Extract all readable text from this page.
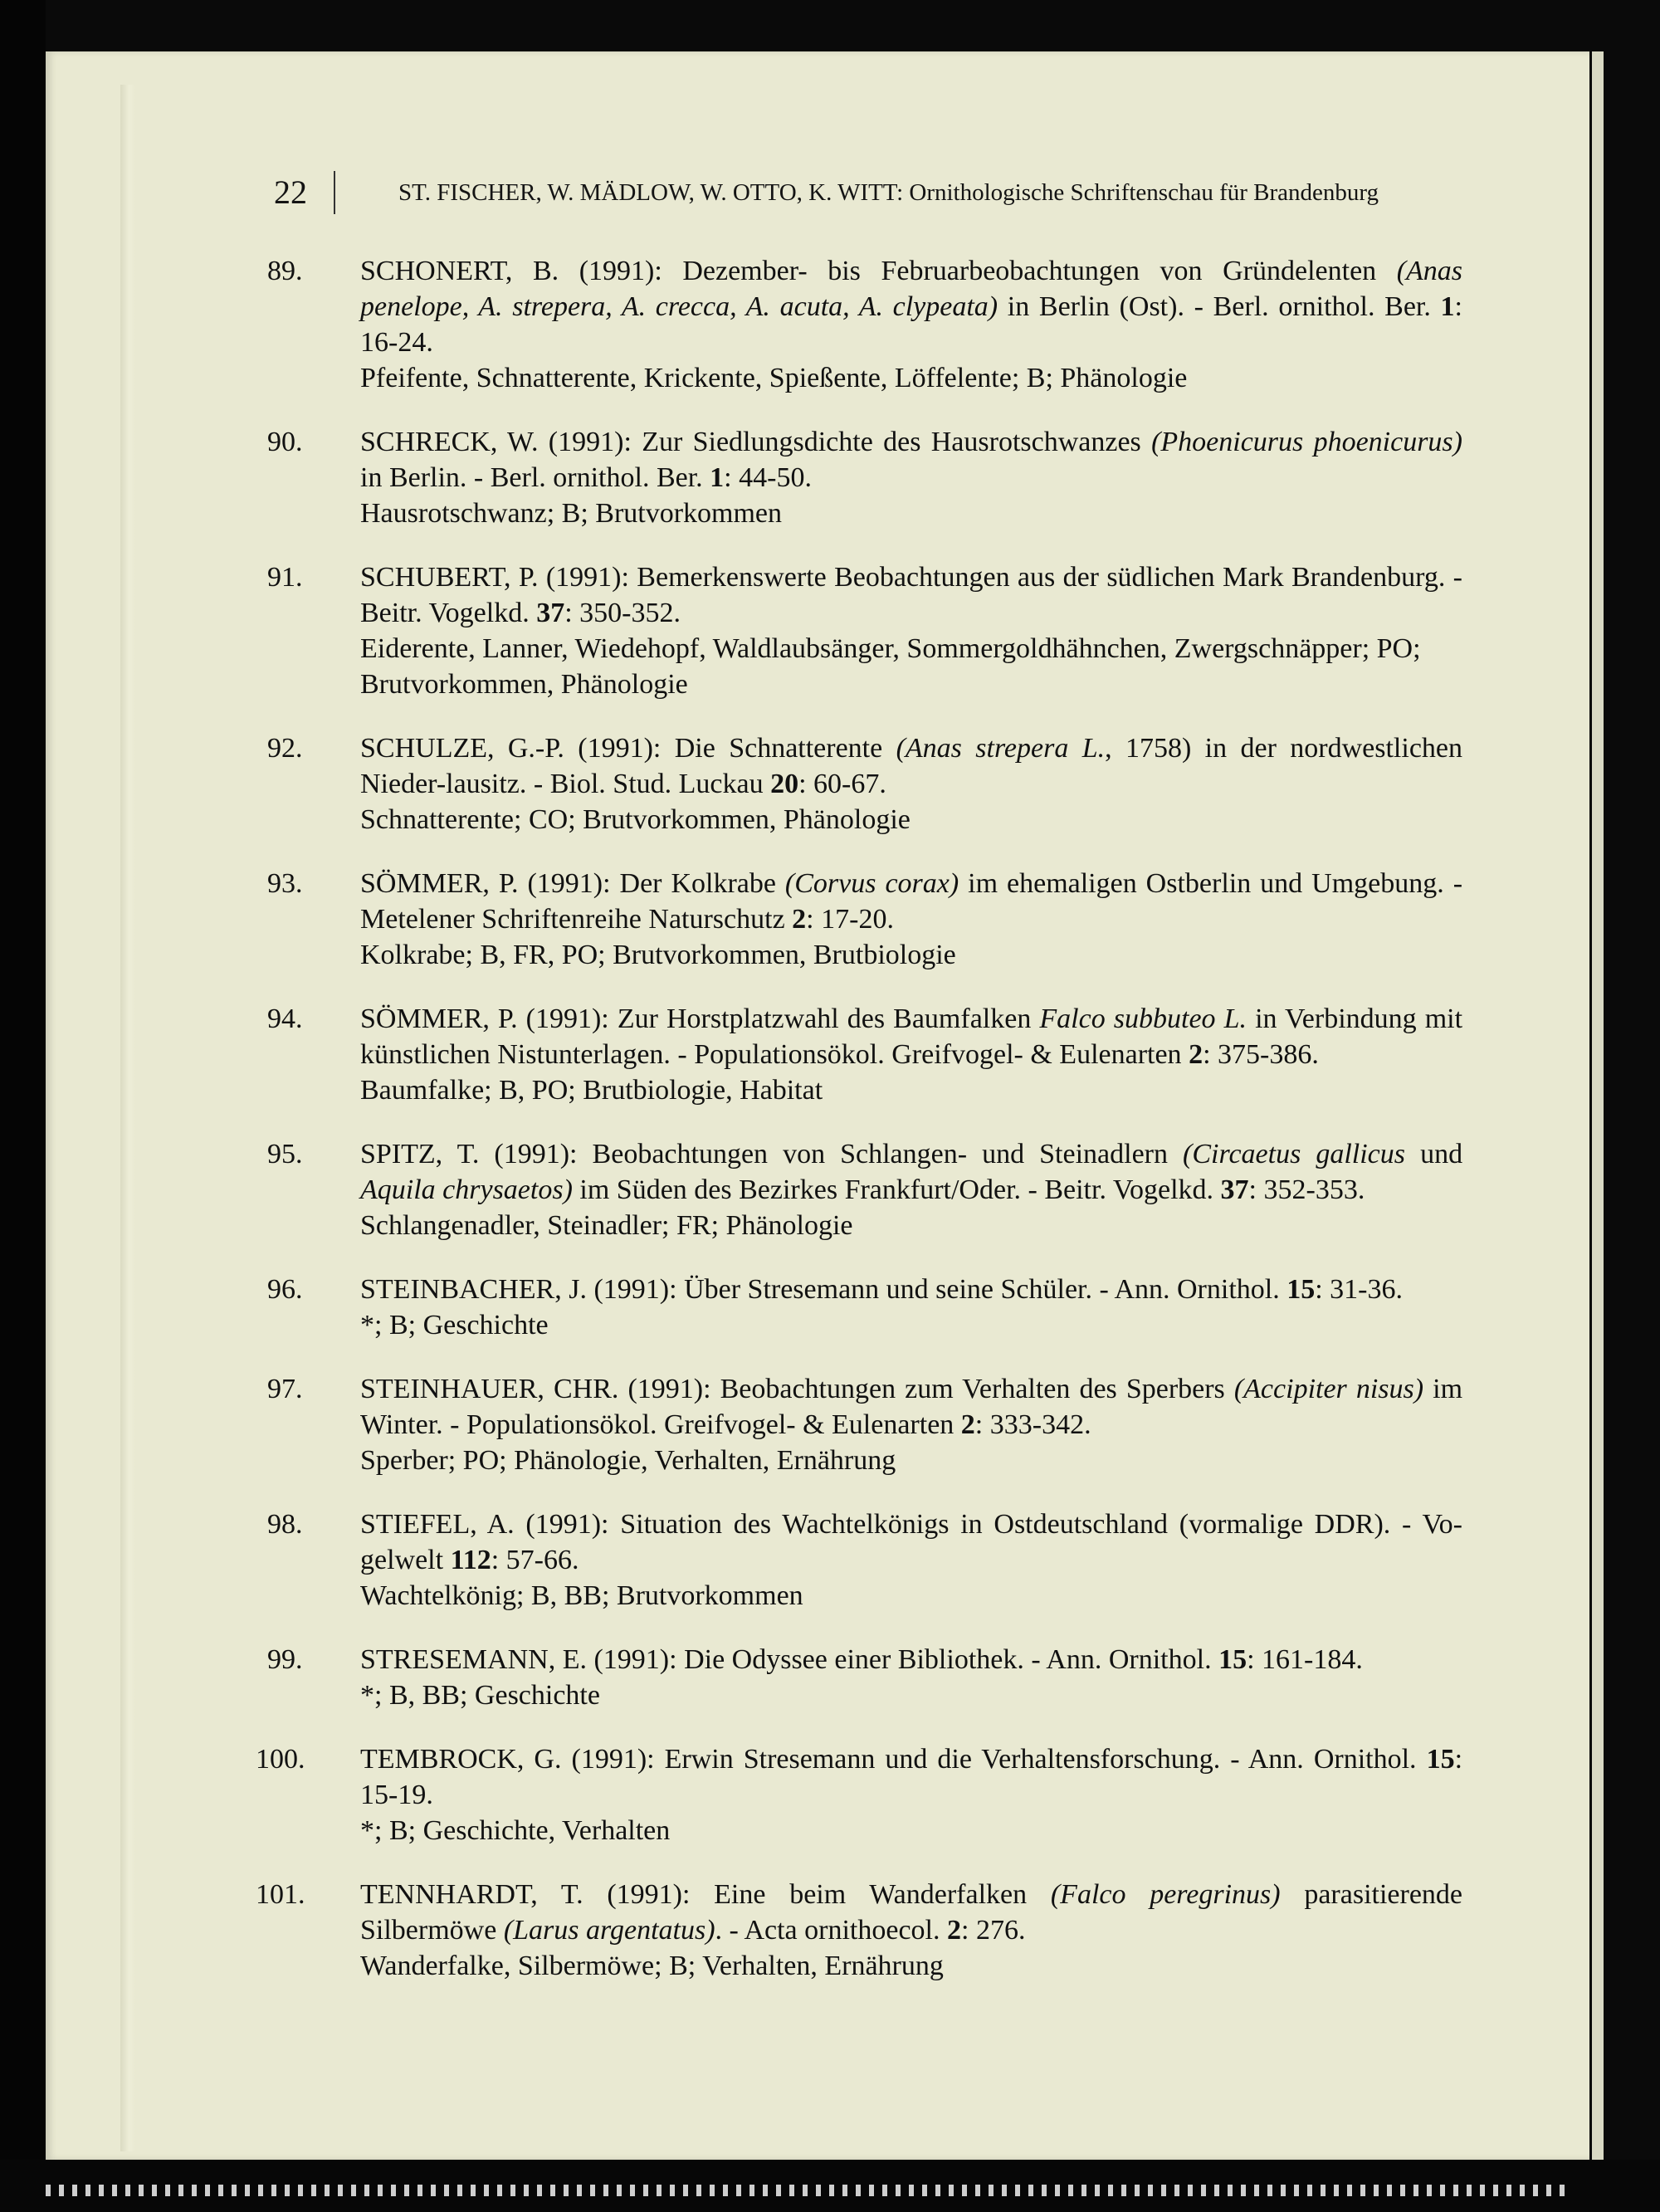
22	ST. FISCHER, W. MÄDLOW, W. OTTO, K. WITT: Ornithologische Schriftenschau für Brandenburg
89.	SCHONERT, B. (1991): Dezember- bis Februarbeobachtungen von Gründelenten (Anas penelope, A. strepera, A. crecca, A. acuta, A. clypeata) in Berlin (Ost). - Berl. ornithol. Ber. 1: 16-24.
Pfeifente, Schnatterente, Krickente, Spießente, Löffelente; B; Phänologie
90.	SCHRECK, W. (1991): Zur Siedlungsdichte des Hausrotschwanzes (Phoenicurus phoenicurus) in Berlin. - Berl. ornithol. Ber. 1: 44-50.
Hausrotschwanz; B; Brutvorkommen
91.	SCHUBERT, P. (1991): Bemerkenswerte Beobachtungen aus der südlichen Mark Brandenburg. - Beitr. Vogelkd. 37: 350-352.
Eiderente, Lanner, Wiedehopf, Waldlaubsänger, Sommergoldhähnchen, Zwergschnäpper; PO; Brutvorkommen, Phänologie
92.	SCHULZE, G.-P. (1991): Die Schnatterente (Anas strepera L., 1758) in der nordwestlichen Nieder-lausitz. - Biol. Stud. Luckau 20: 60-67.
Schnatterente; CO; Brutvorkommen, Phänologie
93.	SÖMMER, P. (1991): Der Kolkrabe (Corvus corax) im ehemaligen Ostberlin und Umgebung. - Metelener Schriftenreihe Naturschutz 2: 17-20.
Kolkrabe; B, FR, PO; Brutvorkommen, Brutbiologie
94.	SÖMMER, P. (1991): Zur Horstplatzwahl des Baumfalken Falco subbuteo L. in Verbindung mit künstlichen Nistunterlagen. - Populationsökol. Greifvogel- & Eulenarten 2: 375-386.
Baumfalke; B, PO; Brutbiologie, Habitat
95.	SPITZ, T. (1991): Beobachtungen von Schlangen- und Steinadlern (Circaetus gallicus und Aquila chrysaetos) im Süden des Bezirkes Frankfurt/Oder. - Beitr. Vogelkd. 37: 352-353.
Schlangenadler, Steinadler; FR; Phänologie
96.	STEINBACHER, J. (1991): Über Stresemann und seine Schüler. - Ann. Ornithol. 15: 31-36.
*; B; Geschichte
97.	STEINHAUER, CHR. (1991): Beobachtungen zum Verhalten des Sperbers (Accipiter nisus) im Winter. - Populationsökol. Greifvogel- & Eulenarten 2: 333-342.
Sperber; PO; Phänologie, Verhalten, Ernährung
98.	STIEFEL, A. (1991): Situation des Wachtelkönigs in Ostdeutschland (vormalige DDR). - Vo-gelwelt 112: 57-66.
Wachtelkönig; B, BB; Brutvorkommen
99.	STRESEMANN, E. (1991): Die Odyssee einer Bibliothek. - Ann. Ornithol. 15: 161-184.
*; B, BB; Geschichte
100.	TEMBROCK, G. (1991): Erwin Stresemann und die Verhaltensforschung. - Ann. Ornithol. 15: 15-19.
*; B; Geschichte, Verhalten
101.	TENNHARDT, T. (1991): Eine beim Wanderfalken (Falco peregrinus) parasitierende Silbermöwe (Larus argentatus). - Acta ornithoecol. 2: 276.
Wanderfalke, Silbermöwe; B; Verhalten, Ernährung
